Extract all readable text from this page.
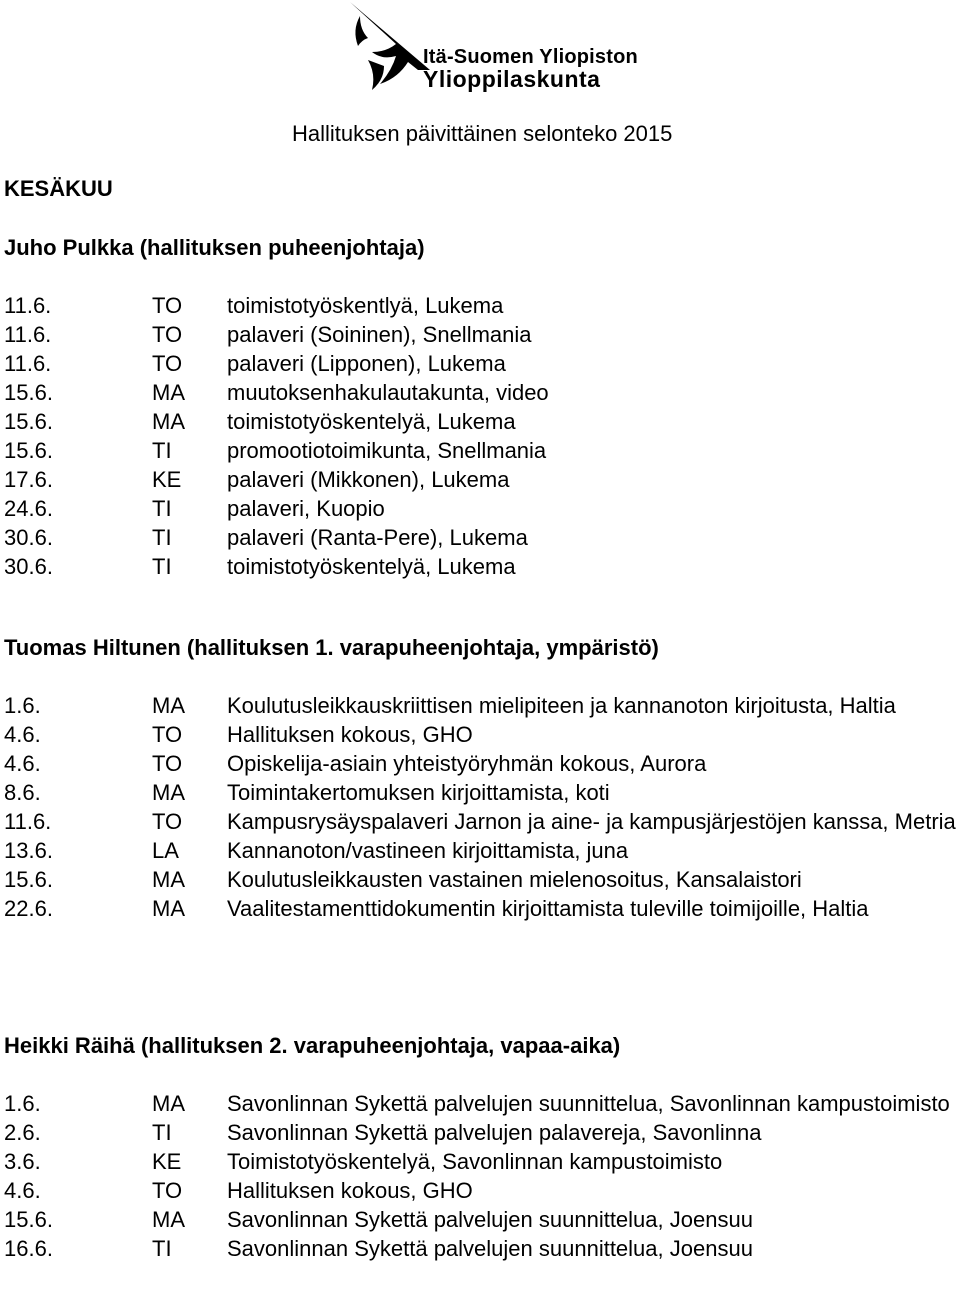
Itä-Suomen Yliopiston
Ylioppilaskunta
Hallituksen päivittäinen selonteko 2015
KESÄKUU
Juho Pulkka (hallituksen puheenjohtaja)
11.6.	TO	toimistotyöskentlyä, Lukema
11.6.	TO	palaveri (Soininen), Snellmania
11.6.	TO	palaveri (Lipponen), Lukema
15.6.	MA	muutoksenhakulautakunta, video
15.6.	MA	toimistotyöskentelyä, Lukema
15.6.	TI	promootiotoimikunta, Snellmania
17.6.	KE	palaveri (Mikkonen), Lukema
24.6.	TI	palaveri, Kuopio
30.6.	TI	palaveri (Ranta-Pere), Lukema
30.6.	TI	toimistotyöskentelyä, Lukema
Tuomas Hiltunen (hallituksen 1. varapuheenjohtaja, ympäristö)
1.6.	MA	Koulutusleikkauskriittisen mielipiteen ja kannanoton kirjoitusta, Haltia
4.6.	TO	Hallituksen kokous, GHO
4.6.	TO	Opiskelija-asiain yhteistyöryhmän kokous, Aurora
8.6.	MA	Toimintakertomuksen kirjoittamista, koti
11.6.	TO	Kampusrysäyspalaveri Jarnon ja aine- ja kampusjärjestöjen kanssa, Metria
13.6.	LA	Kannanoton/vastineen kirjoittamista, juna
15.6.	MA	Koulutusleikkausten vastainen mielenosoitus, Kansalaistori
22.6.	MA	Vaalitestamenttidokumentin kirjoittamista tuleville toimijoille, Haltia
Heikki Räihä (hallituksen 2. varapuheenjohtaja, vapaa-aika)
1.6.	MA	Savonlinnan Sykettä palvelujen suunnittelua, Savonlinnan kampustoimisto
2.6.	TI	Savonlinnan Sykettä palvelujen palavereja, Savonlinna
3.6.	KE	Toimistotyöskentelyä, Savonlinnan kampustoimisto
4.6.	TO	Hallituksen kokous, GHO
15.6.	MA	Savonlinnan Sykettä palvelujen suunnittelua, Joensuu
16.6.	TI	Savonlinnan Sykettä palvelujen suunnittelua, Joensuu
